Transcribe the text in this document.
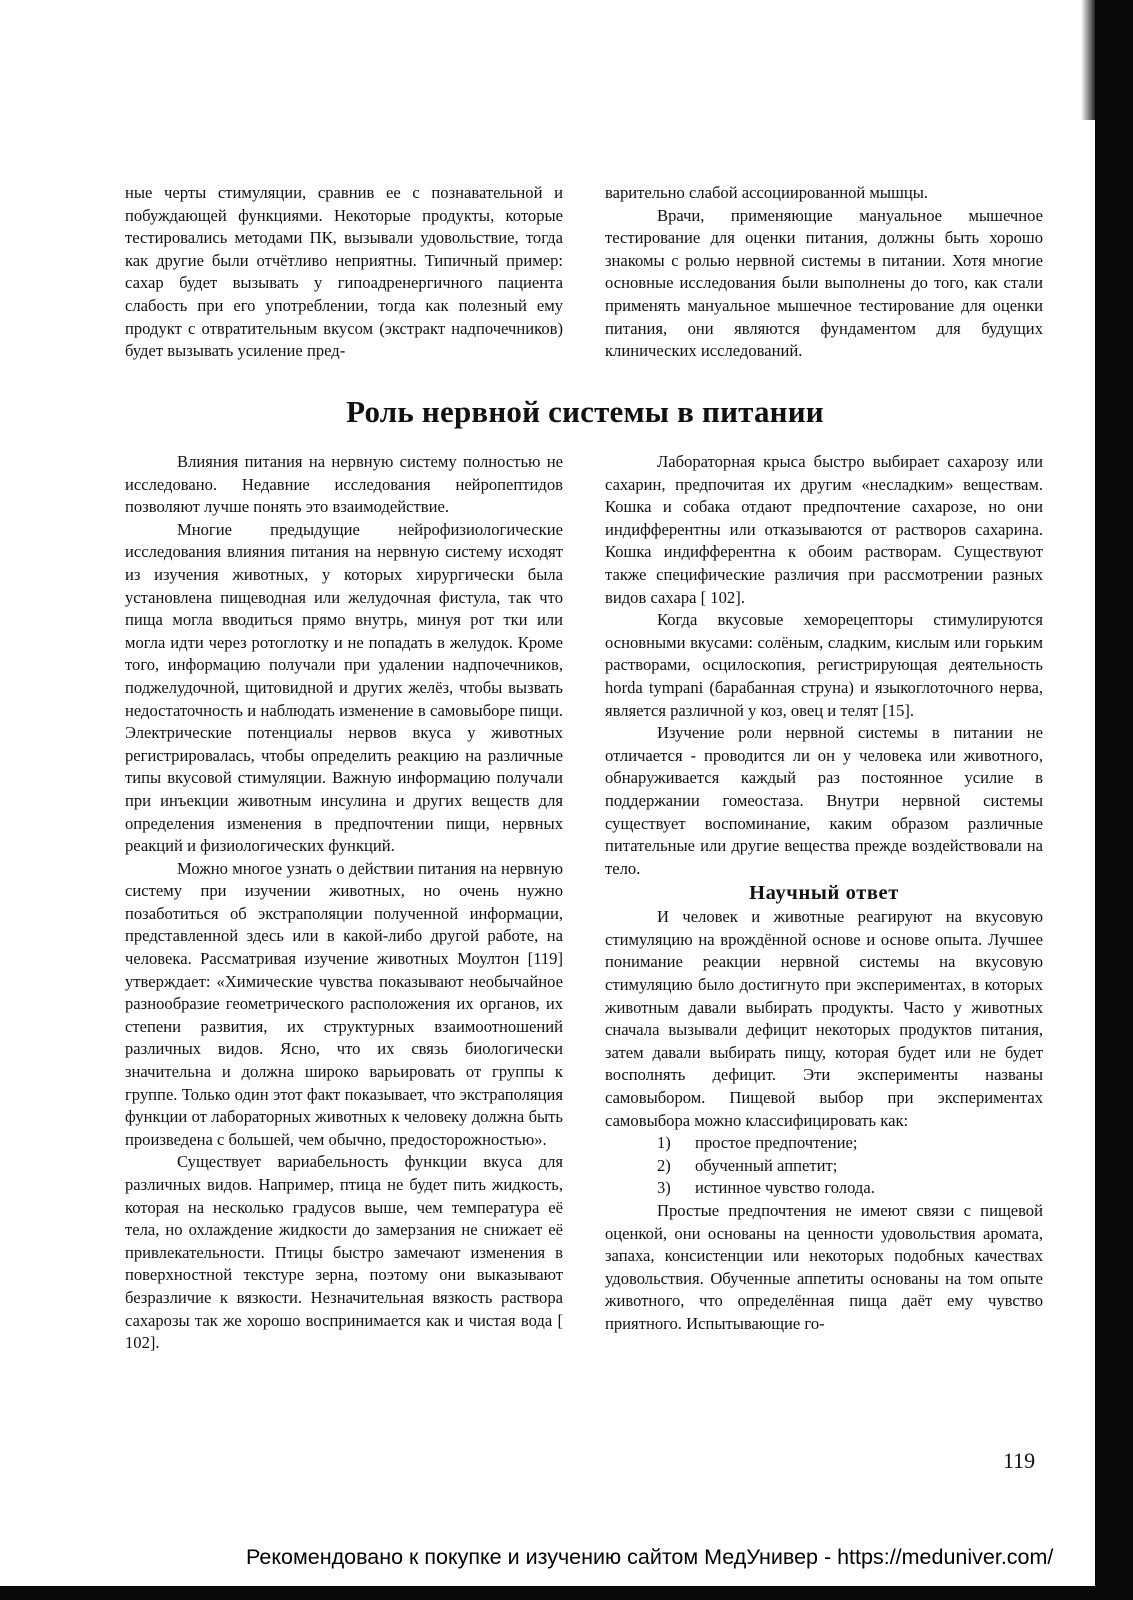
ные черты стимуляции, сравнив ее с познавательной и побуждающей функциями. Некоторые продукты, которые тестировались методами ПК, вызывали удовольствие, тогда как другие были отчётливо неприятны. Типичный пример: сахар будет вызывать у гипоадренергичного пациента слабость при его употреблении, тогда как полезный ему продукт с отвратительным вкусом (экстракт надпочечников) будет вызывать усиление пред-

варительно слабой ассоциированной мышцы.

Врачи, применяющие мануальное мышечное тестирование для оценки питания, должны быть хорошо знакомы с ролью нервной системы в питании. Хотя многие основные исследования были выполнены до того, как стали применять мануальное мышечное тестирование для оценки питания, они являются фундаментом для будущих клинических исследований.

Роль нервной системы в питании

Влияния питания на нервную систему полностью не исследовано. Недавние исследования нейропептидов позволяют лучше понять это взаимодействие.

Многие предыдущие нейрофизиологические исследования влияния питания на нервную систему исходят из изучения животных, у которых хирургически была установлена пищеводная или желудочная фистула, так что пища могла вводиться прямо внутрь, минуя рот тки или могла идти через ротоглотку и не попадать в желудок. Кроме того, информацию получали при удалении надпочечников, поджелудочной, щитовидной и других желёз, чтобы вызвать недостаточность и наблюдать изменение в самовыборе пищи. Электрические потенциалы нервов вкуса у животных регистрировалась, чтобы определить реакцию на различные типы вкусовой стимуляции. Важную информацию получали при инъекции животным инсулина и других веществ для определения изменения в предпочтении пищи, нервных реакций и физиологических функций.

Можно многое узнать о действии питания на нервную систему при изучении животных, но очень нужно позаботиться об экстраполяции полученной информации, представленной здесь или в какой-либо другой работе, на человека. Рассматривая изучение животных Моултон [119] утверждает: «Химические чувства показывают необычайное разнообразие геометрического расположения их органов, их степени развития, их структурных взаимоотношений различных видов. Ясно, что их связь биологически значительна и должна широко варьировать от группы к группе. Только один этот факт показывает, что экстраполяция функции от лабораторных животных к человеку должна быть произведена с большей, чем обычно, предосторожностью».

Существует вариабельность функции вкуса для различных видов. Например, птица не будет пить жидкость, которая на несколько градусов выше, чем температура её тела, но охлаждение жидкости до замерзания не снижает её привлекательности. Птицы быстро замечают изменения в поверхностной текстуре зерна, поэтому они выказывают безразличие к вязкости. Незначительная вязкость раствора сахарозы так же хорошо воспринимается как и чистая вода [ 102].

Лабораторная крыса быстро выбирает сахарозу или сахарин, предпочитая их другим «несладким» веществам. Кошка и собака отдают предпочтение сахарозе, но они индифферентны или отказываются от растворов сахарина. Кошка индифферентна к обоим растворам. Существуют также специфические различия при рассмотрении разных видов сахара [ 102].

Когда вкусовые хеморецепторы стимулируются основными вкусами: солёным, сладким, кислым или горьким растворами, осцилоскопия, регистрирующая деятельность horda tympani (барабанная струна) и языкоглоточного нерва, является различной у коз, овец и телят [15].

Изучение роли нервной системы в питании не отличается - проводится ли он у человека или животного, обнаруживается каждый раз постоянное усилие в поддержании гомеостаза. Внутри нервной системы существует воспоминание, каким образом различные питательные или другие вещества прежде воздействовали на тело.

Научный ответ

И человек и животные реагируют на вкусовую стимуляцию на врождённой основе и основе опыта. Лучшее понимание реакции нервной системы на вкусовую стимуляцию было достигнуто при экспериментах, в которых животным давали выбирать продукты. Часто у животных сначала вызывали дефицит некоторых продуктов питания, затем давали выбирать пищу, которая будет или не будет восполнять дефицит. Эти эксперименты названы самовыбором. Пищевой выбор при экспериментах самовыбора можно классифицировать как:

1)	простое предпочтение;
2)	обученный аппетит;
3)	истинное чувство голода.

Простые предпочтения не имеют связи с пищевой оценкой, они основаны на ценности удовольствия аромата, запаха, консистенции или некоторых подобных качествах удовольствия. Обученные аппетиты основаны на том опыте животного, что определённая пища даёт ему чувство приятного. Испытывающие го-

119
Рекомендовано к покупке и изучению сайтом МедУнивер - https://meduniver.com/
